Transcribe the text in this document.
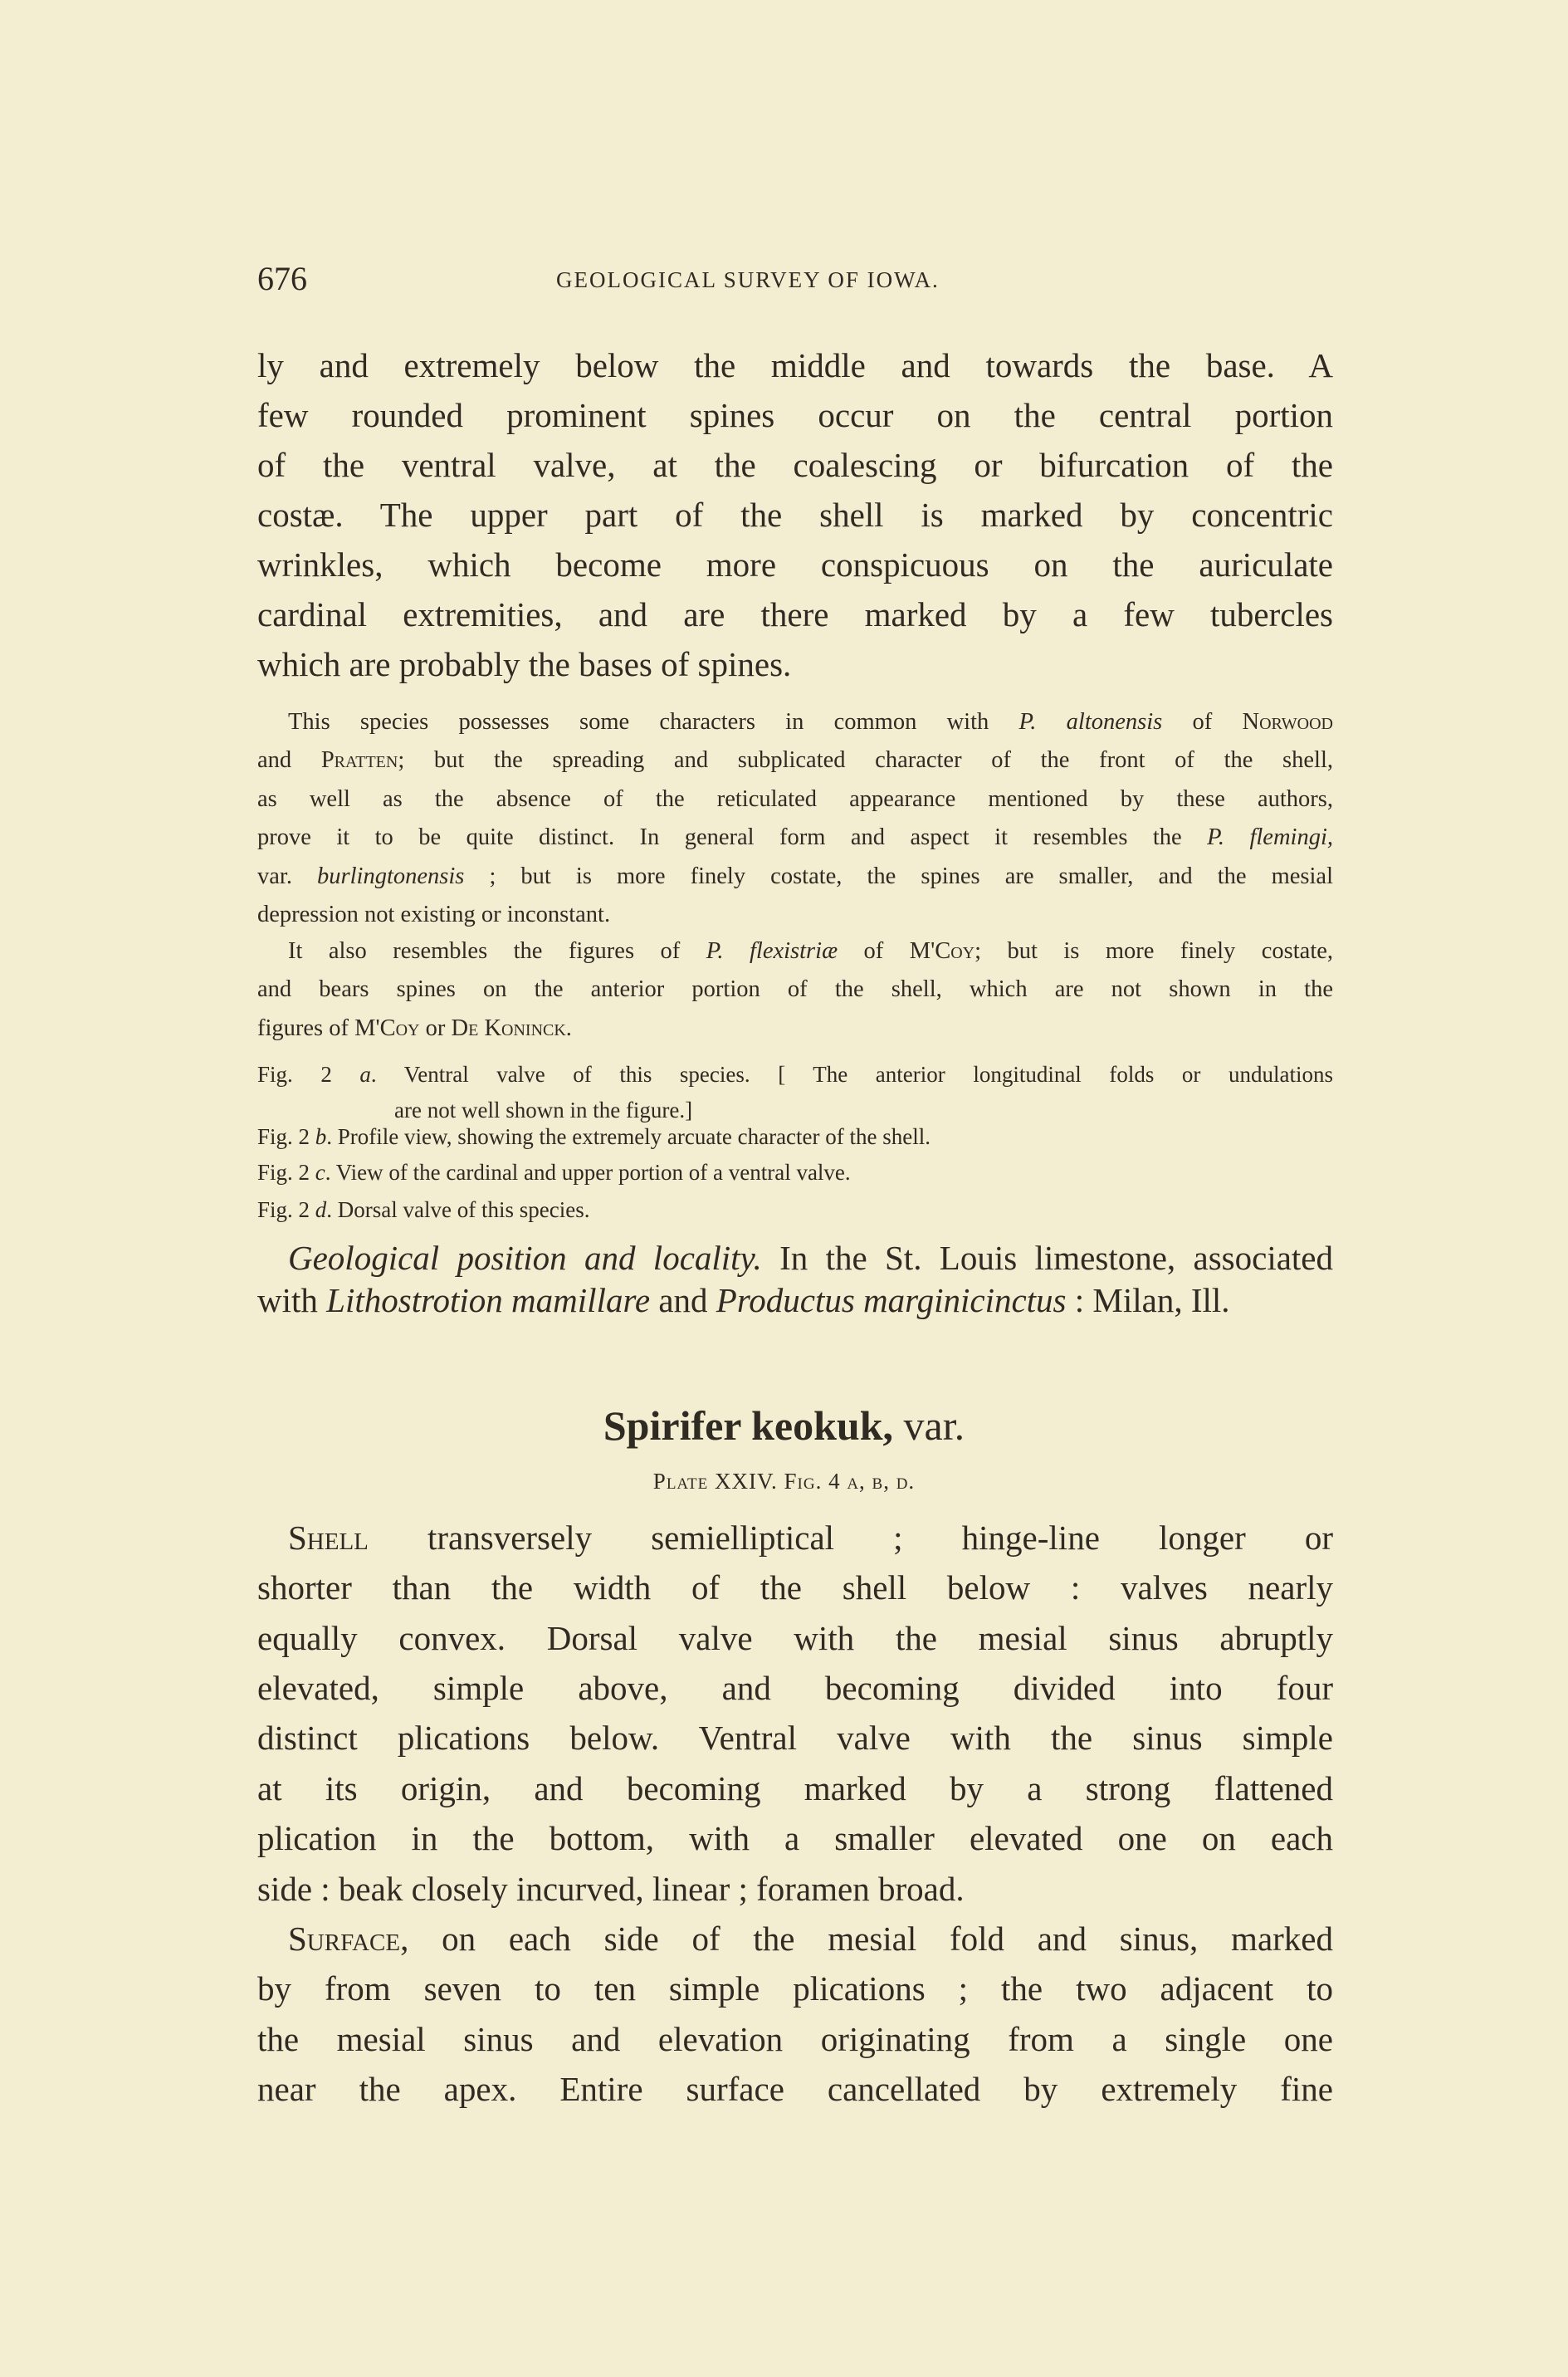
676	GEOLOGICAL SURVEY OF IOWA.
ly and extremely below the middle and towards the base. A
few rounded prominent spines occur on the central portion
of the ventral valve, at the coalescing or bifurcation of the
costæ. The upper part of the shell is marked by concentric
wrinkles, which become more conspicuous on the auriculate
cardinal extremities, and are there marked by a few tubercles
which are probably the bases of spines.
This species possesses some characters in common with P. altonensis of Norwood
and Pratten; but the spreading and subplicated character of the front of the shell,
as well as the absence of the reticulated appearance mentioned by these authors,
prove it to be quite distinct. In general form and aspect it resembles the P. flemingi,
var. burlingtonensis ; but is more finely costate, the spines are smaller, and the mesial
depression not existing or inconstant.
It also resembles the figures of P. flexistriæ of M'Coy; but is more finely costate,
and bears spines on the anterior portion of the shell, which are not shown in the
figures of M'Coy or De Koninck.
Fig. 2 a. Ventral valve of this species. [ The anterior longitudinal folds or undulations
are not well shown in the figure.]
Fig. 2 b. Profile view, showing the extremely arcuate character of the shell.
Fig. 2 c. View of the cardinal and upper portion of a ventral valve.
Fig. 2 d. Dorsal valve of this species.
Geological position and locality. In the St. Louis limestone, associated
with Lithostrotion mamillare and Productus marginicinctus : Milan, Ill.
Shell transversely semielliptical ; hinge-line longer or
shorter than the width of the shell below : valves nearly
equally convex. Dorsal valve with the mesial sinus abruptly
elevated, simple above, and becoming divided into four
distinct plications below. Ventral valve with the sinus simple
at its origin, and becoming marked by a strong flattened
plication in the bottom, with a smaller elevated one on each
side : beak closely incurved, linear ; foramen broad.
Surface, on each side of the mesial fold and sinus, marked
by from seven to ten simple plications ; the two adjacent to
the mesial sinus and elevation originating from a single one
near the apex. Entire surface cancellated by extremely fine
Spirifer keokuk, var.
Plate XXIV. Fig. 4 a, b, d.
